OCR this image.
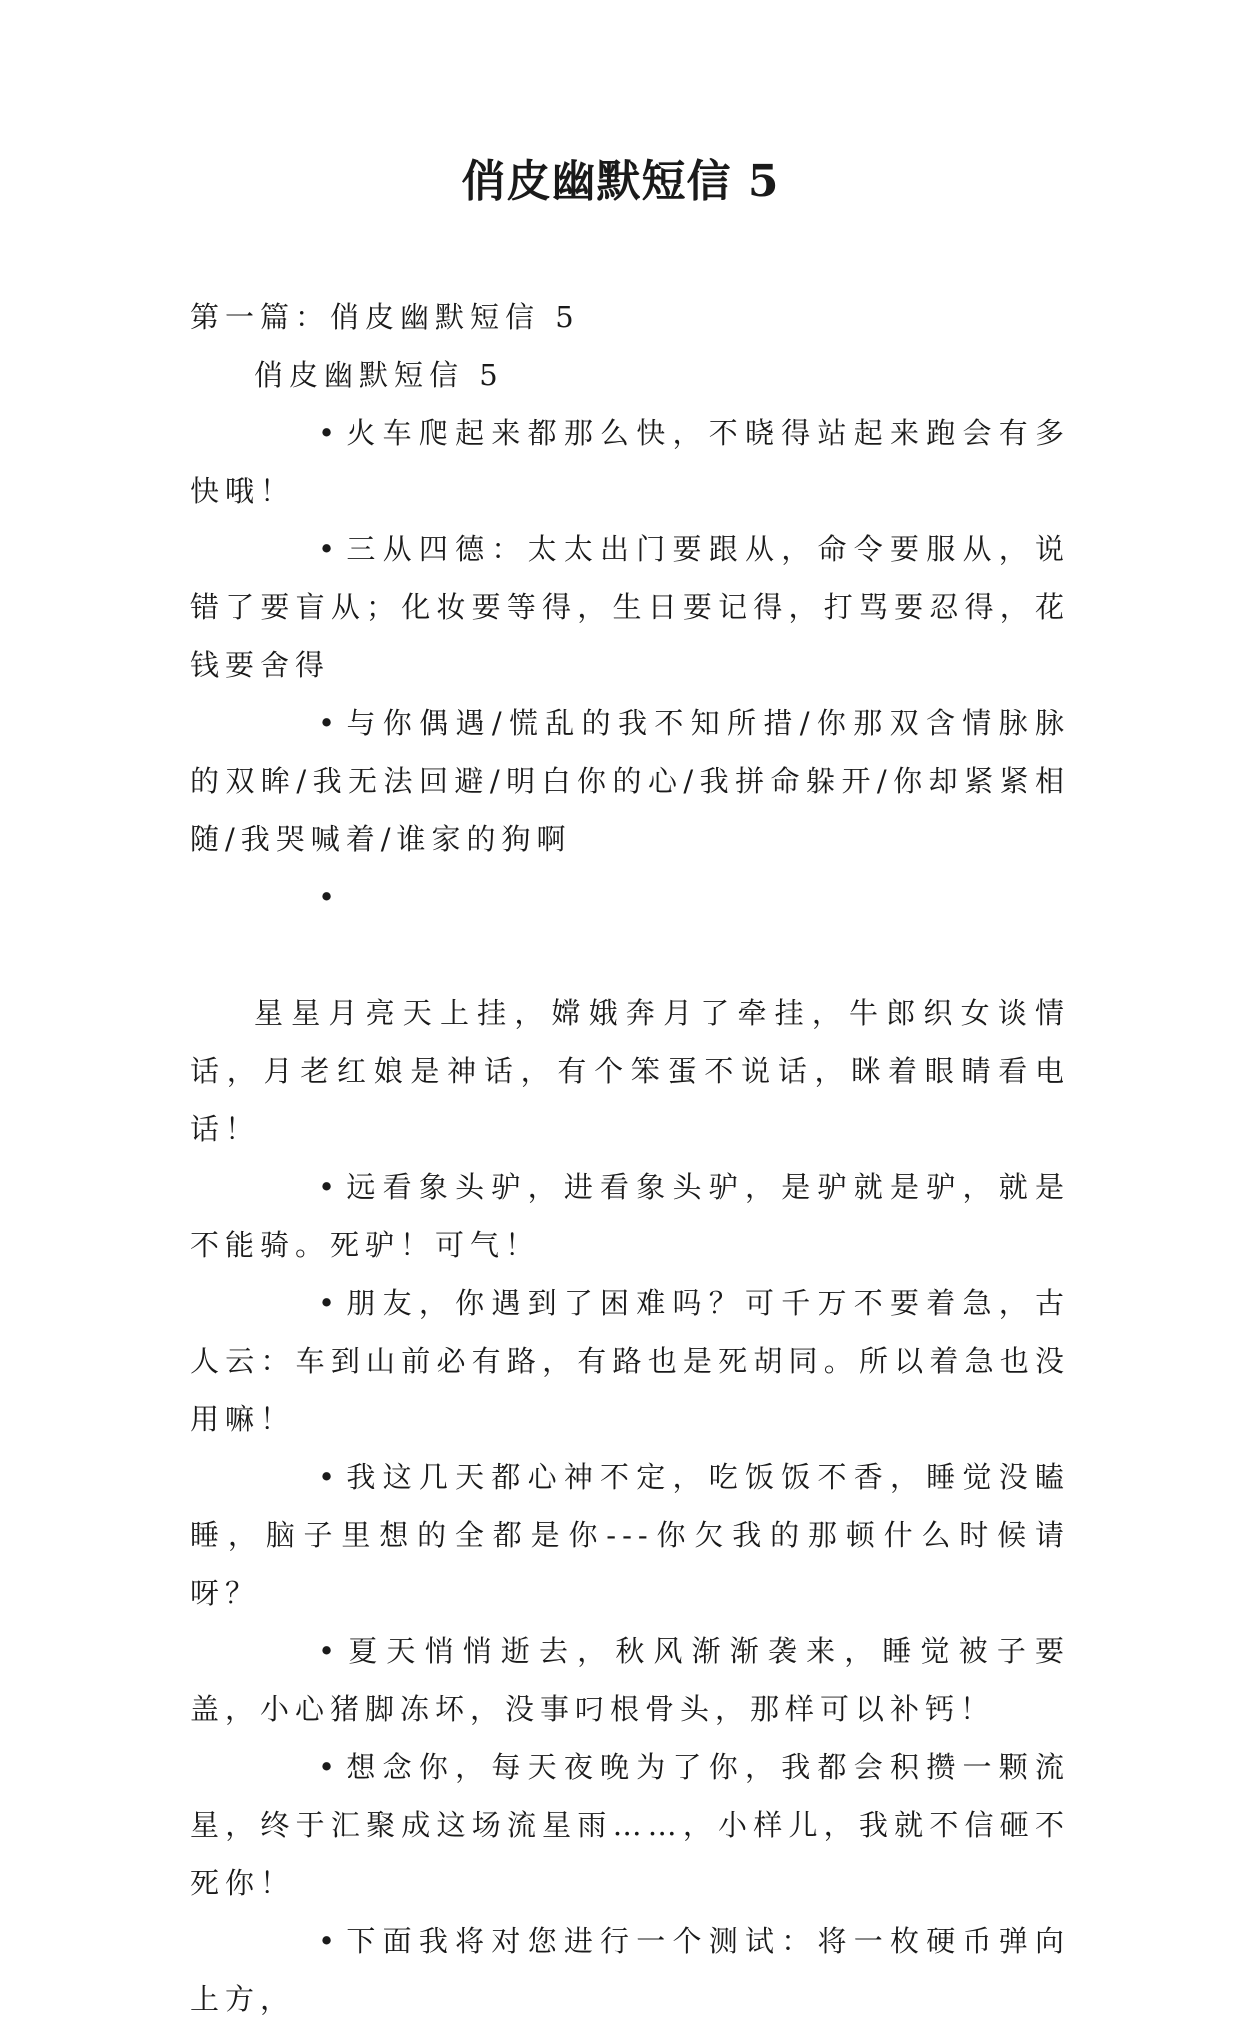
俏皮幽默短信 5

第一篇：俏皮幽默短信 5

俏皮幽默短信 5

• 火车爬起来都那么快，不晓得站起来跑会有多快哦！

• 三从四德：太太出门要跟从，命令要服从，说错了要盲从；化妆要等得，生日要记得，打骂要忍得，花钱要舍得

• 与你偶遇/慌乱的我不知所措/你那双含情脉脉的双眸/我无法回避/明白你的心/我拼命躲开/你却紧紧相随/我哭喊着/谁家的狗啊

•

星星月亮天上挂，嫦娥奔月了牵挂，牛郎织女谈情话，月老红娘是神话，有个笨蛋不说话，眯着眼睛看电话！

• 远看象头驴，进看象头驴，是驴就是驴，就是不能骑。死驴！可气！

• 朋友，你遇到了困难吗？可千万不要着急，古人云：车到山前必有路，有路也是死胡同。所以着急也没用嘛！

• 我这几天都心神不定，吃饭饭不香，睡觉没瞌睡，脑子里想的全都是你---你欠我的那顿什么时候请呀？

• 夏天悄悄逝去，秋风渐渐袭来，睡觉被子要盖，小心猪脚冻坏，没事叼根骨头，那样可以补钙！

• 想念你，每天夜晚为了你，我都会积攒一颗流星，终于汇聚成这场流星雨……，小样儿，我就不信砸不死你！

• 下面我将对您进行一个测试：将一枚硬币弹向上方，
